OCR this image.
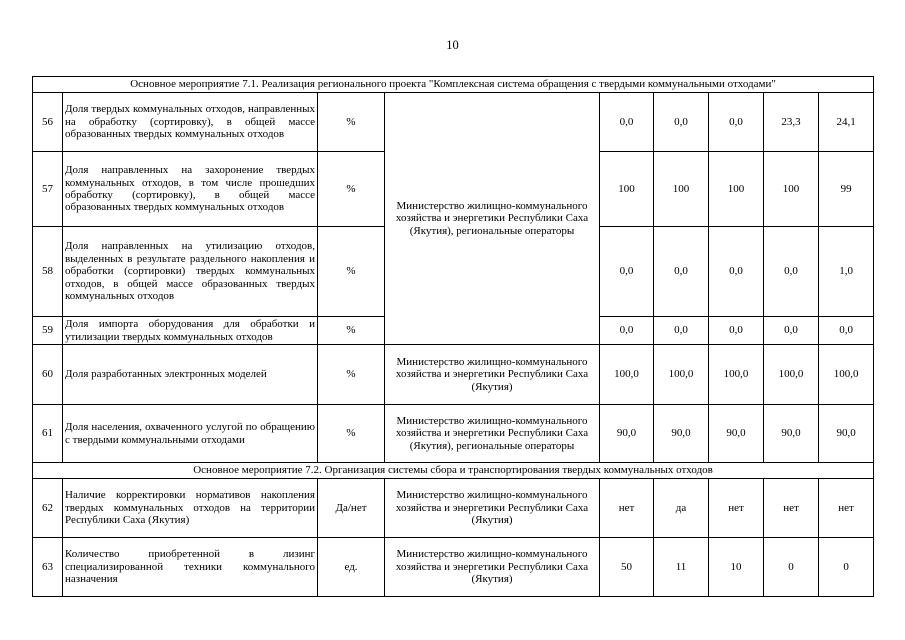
10
Основное мероприятие 7.1. Реализация регионального проекта "Комплексная система обращения с твердыми коммунальными отходами"								
56	Доля твердых коммунальных отходов, направленных на обработку (сортировку), в общей массе образованных твердых коммунальных отходов	%	Министерство жилищно-коммунального хозяйства и энергетики Республики Саха (Якутия), региональные операторы	0,0	0,0	0,0	23,3	24,1
57	Доля направленных на захоронение твердых коммунальных отходов, в том числе прошедших обработку (сортировку), в общей массе образованных твердых коммунальных отходов	%		100	100	100	100	99
58	Доля направленных на утилизацию отходов, выделенных в результате раздельного накопления и обработки (сортировки) твердых коммунальных отходов, в общей массе образованных твердых коммунальных отходов	%		0,0	0,0	0,0	0,0	1,0
59	Доля импорта оборудования для обработки и утилизации твердых коммунальных отходов	%		0,0	0,0	0,0	0,0	0,0
60	Доля разработанных электронных моделей	%	Министерство жилищно-коммунального хозяйства и энергетики Республики Саха (Якутия)	100,0	100,0	100,0	100,0	100,0
61	Доля населения, охваченного услугой по обращению с твердыми коммунальными отходами	%	Министерство жилищно-коммунального хозяйства и энергетики Республики Саха (Якутия), региональные операторы	90,0	90,0	90,0	90,0	90,0
Основное мероприятие 7.2. Организация системы сбора и транспортирования твердых коммунальных отходов								
62	Наличие корректировки нормативов накопления твердых коммунальных отходов на территории Республики Саха (Якутия)	Да/нет	Министерство жилищно-коммунального хозяйства и энергетики Республики Саха (Якутия)	нет	да	нет	нет	нет
63	Количество приобретенной в лизинг специализированной техники коммунального назначения	ед.	Министерство жилищно-коммунального хозяйства и энергетики Республики Саха (Якутия)	50	11	10	0	0
